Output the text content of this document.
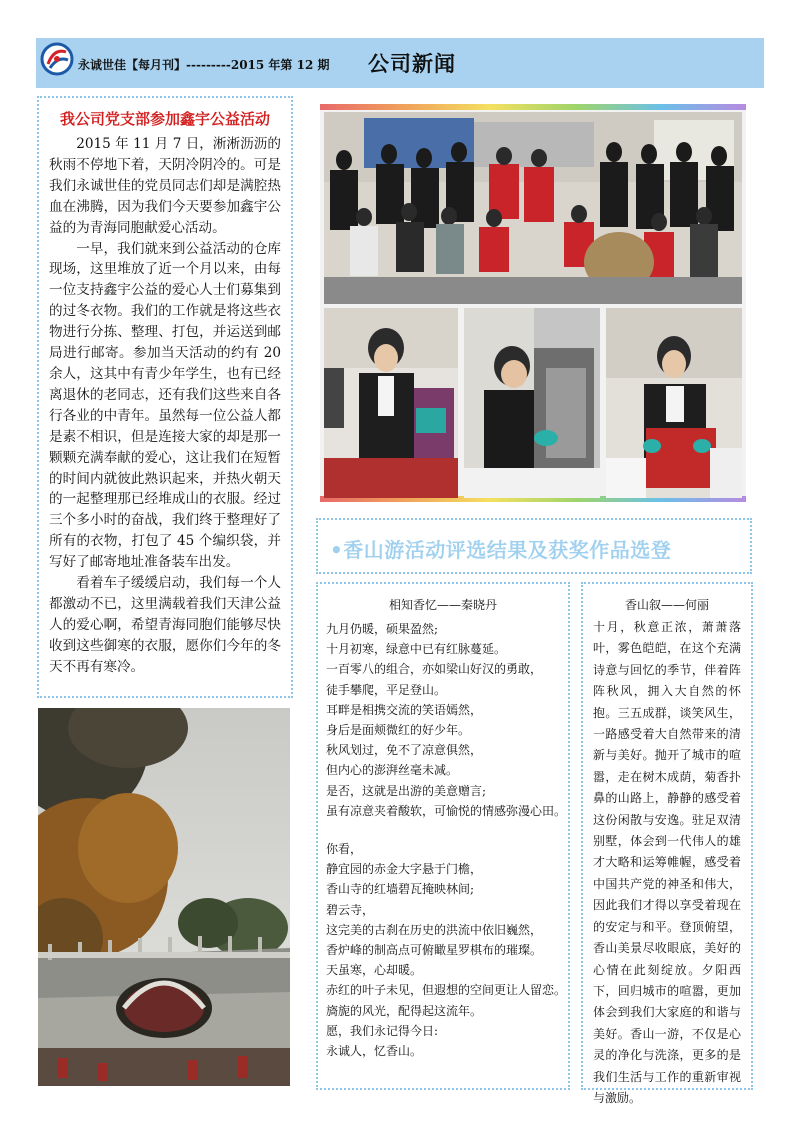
永诚世佳【每月刊】---------2015 年第 12 期 公司新闻
我公司党支部参加鑫宇公益活动

2015 年 11 月 7 日，淅淅沥沥的秋雨不停地下着，天阴冷阴冷的。可是我们永诚世佳的党员同志们却是满腔热血在沸腾，因为我们今天要参加鑫宇公益的为青海同胞献爱心活动。

一早，我们就来到公益活动的仓库现场，这里堆放了近一个月以来，由每一位支持鑫宇公益的爱心人士们募集到的过冬衣物。我们的工作就是将这些衣物进行分拣、整理、打包，并运送到邮局进行邮寄。参加当天活动的约有 20 余人，这其中有青少年学生，也有已经离退休的老同志，还有我们这些来自各行各业的中青年。虽然每一位公益人都是素不相识，但是连接大家的却是那一颗颗充满奉献的爱心，这让我们在短暂的时间内就彼此熟识起来，并热火朝天的一起整理那已经堆成山的衣服。经过三个多小时的奋战，我们终于整理好了所有的衣物，打包了 45 个编织袋，并写好了邮寄地址准备装车出发。

看着车子缓缓启动，我们每一个人都激动不已，这里满载着我们天津公益人的爱心啊，希望青海同胞们能够尽快收到这些御寒的衣服，愿你们今年的冬天不再有寒冷。

•香山游活动评选结果及获奖作品选登
相知香忆——秦晓丹
九月仍暖，硕果盈然;
十月初寒，绿意中已有红脉蔓延。
一百零八的组合，亦如梁山好汉的勇敢，
徒手攀爬，平足登山。
耳畔是相携交流的笑语嫣然，
身后是面颊微红的好少年。
秋风划过，免不了凉意俱然，
但内心的澎湃丝毫未减。
是否，这就是出游的美意赠言;
虽有凉意夹着酸软，可愉悦的情感弥漫心田。
你看，
静宜园的赤金大字悬于门檐，
香山寺的红墙碧瓦掩映林间;
碧云寺，
这完美的古刹在历史的洪流中依旧巍然，
香炉峰的制高点可俯瞰星罗棋布的璀璨。
天虽寒，心却暖。
赤红的叶子未见，但遐想的空间更让人留恋。
旖旎的风光，配得起这流年。
愿，我们永记得今日:
永诚人，忆香山。
香山叙——何丽
十月，秋意正浓，萧萧落叶，雾色皑皑，在这个充满诗意与回忆的季节，伴着阵阵秋风，拥入大自然的怀抱。三五成群，谈笑风生，一路感受着大自然带来的清新与美好。抛开了城市的喧嚣，走在树木成荫，菊香扑鼻的山路上，静静的感受着这份闲散与安逸。驻足双清别墅，体会到一代伟人的雄才大略和运筹帷幄，感受着中国共产党的神圣和伟大，因此我们才得以享受着现在的安定与和平。登顶俯望，香山美景尽收眼底，美好的心情在此刻绽放。夕阳西下，回归城市的喧嚣，更加体会到我们大家庭的和谐与美好。香山一游，不仅是心灵的净化与洗涤，更多的是我们生活与工作的重新审视与激励。
